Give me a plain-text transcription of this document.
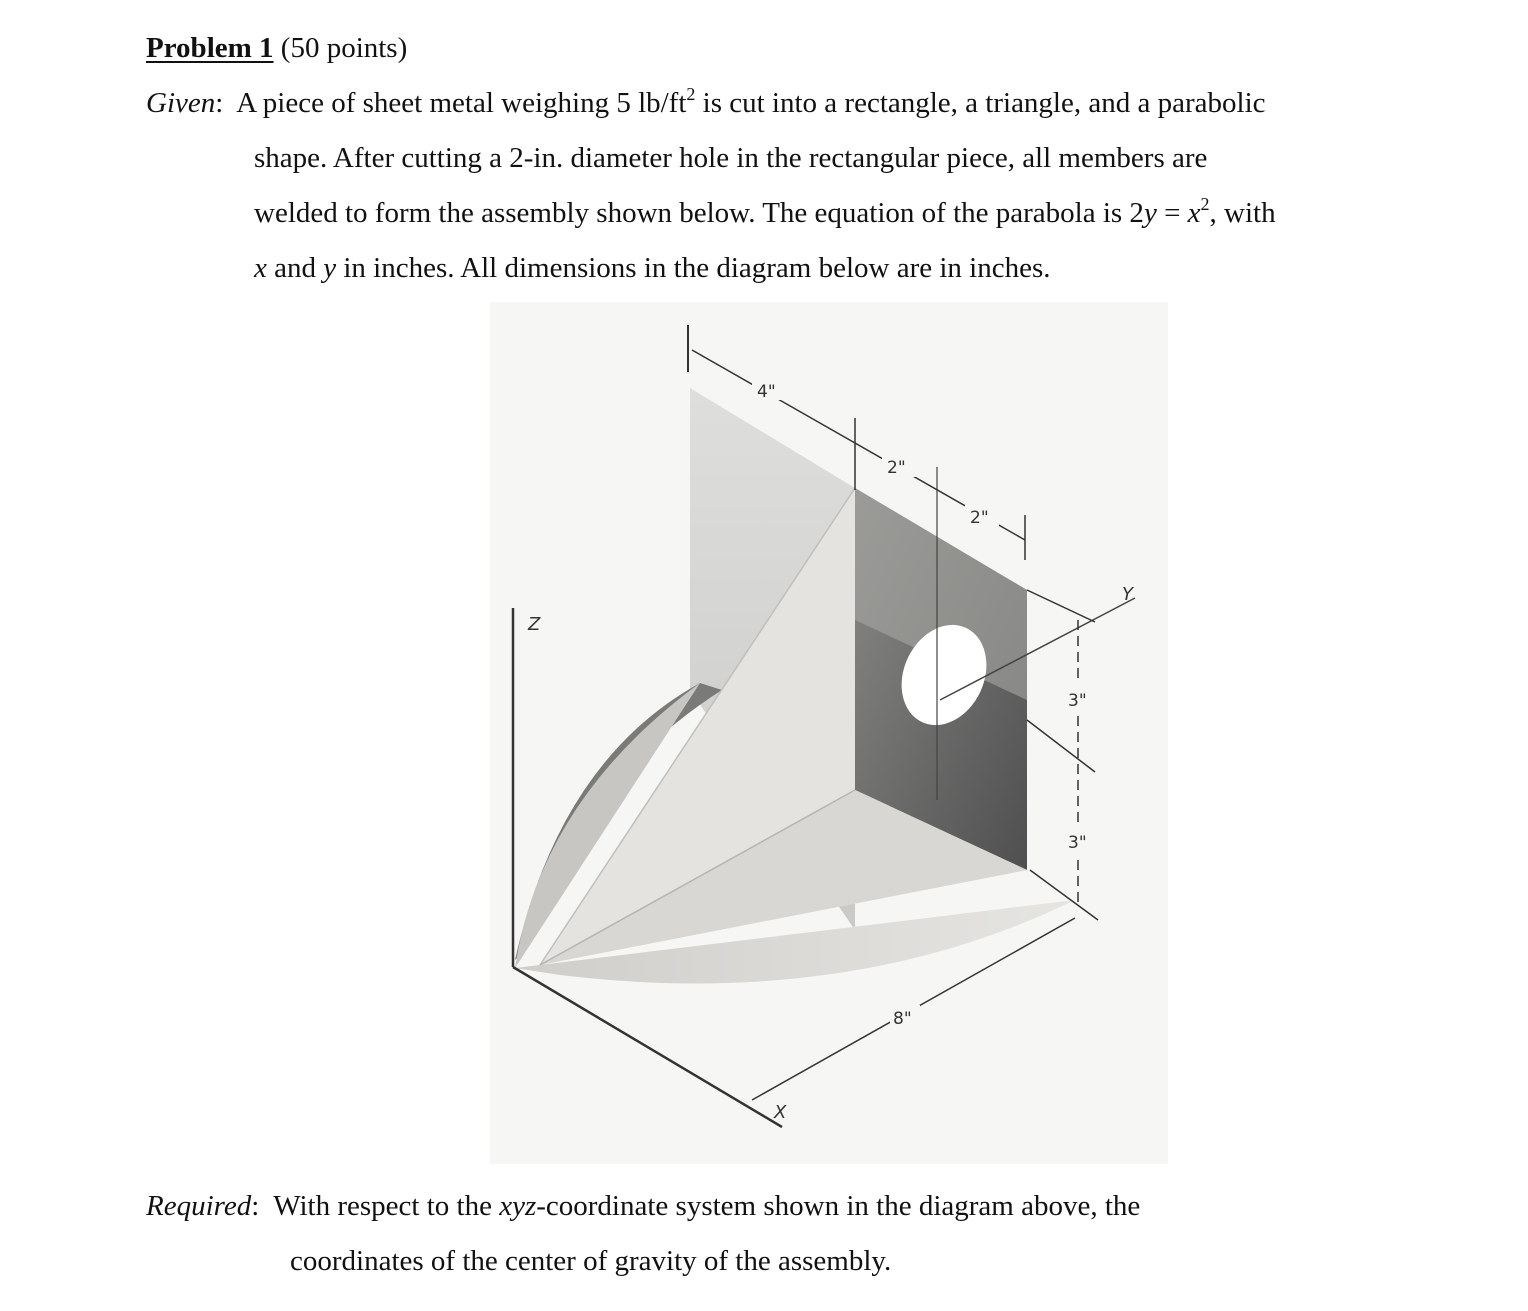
Problem 1 (50 points)
Given:  A piece of sheet metal weighing 5 $lb/ft^2$ is cut into a rectangle, a triangle, and a parabolic
shape. After cutting a 2-in. diameter hole in the rectangular piece, all members are
welded to form the assembly shown below. The equation of the parabola is $2y = x^2$, with
x and y in inches. All dimensions in the diagram below are in inches.
Z
X
Y
4"
2"
2"
3"
3"
8"
Required:  With respect to the xyz-coordinate system shown in the diagram above, the
coordinates of the center of gravity of the assembly.
